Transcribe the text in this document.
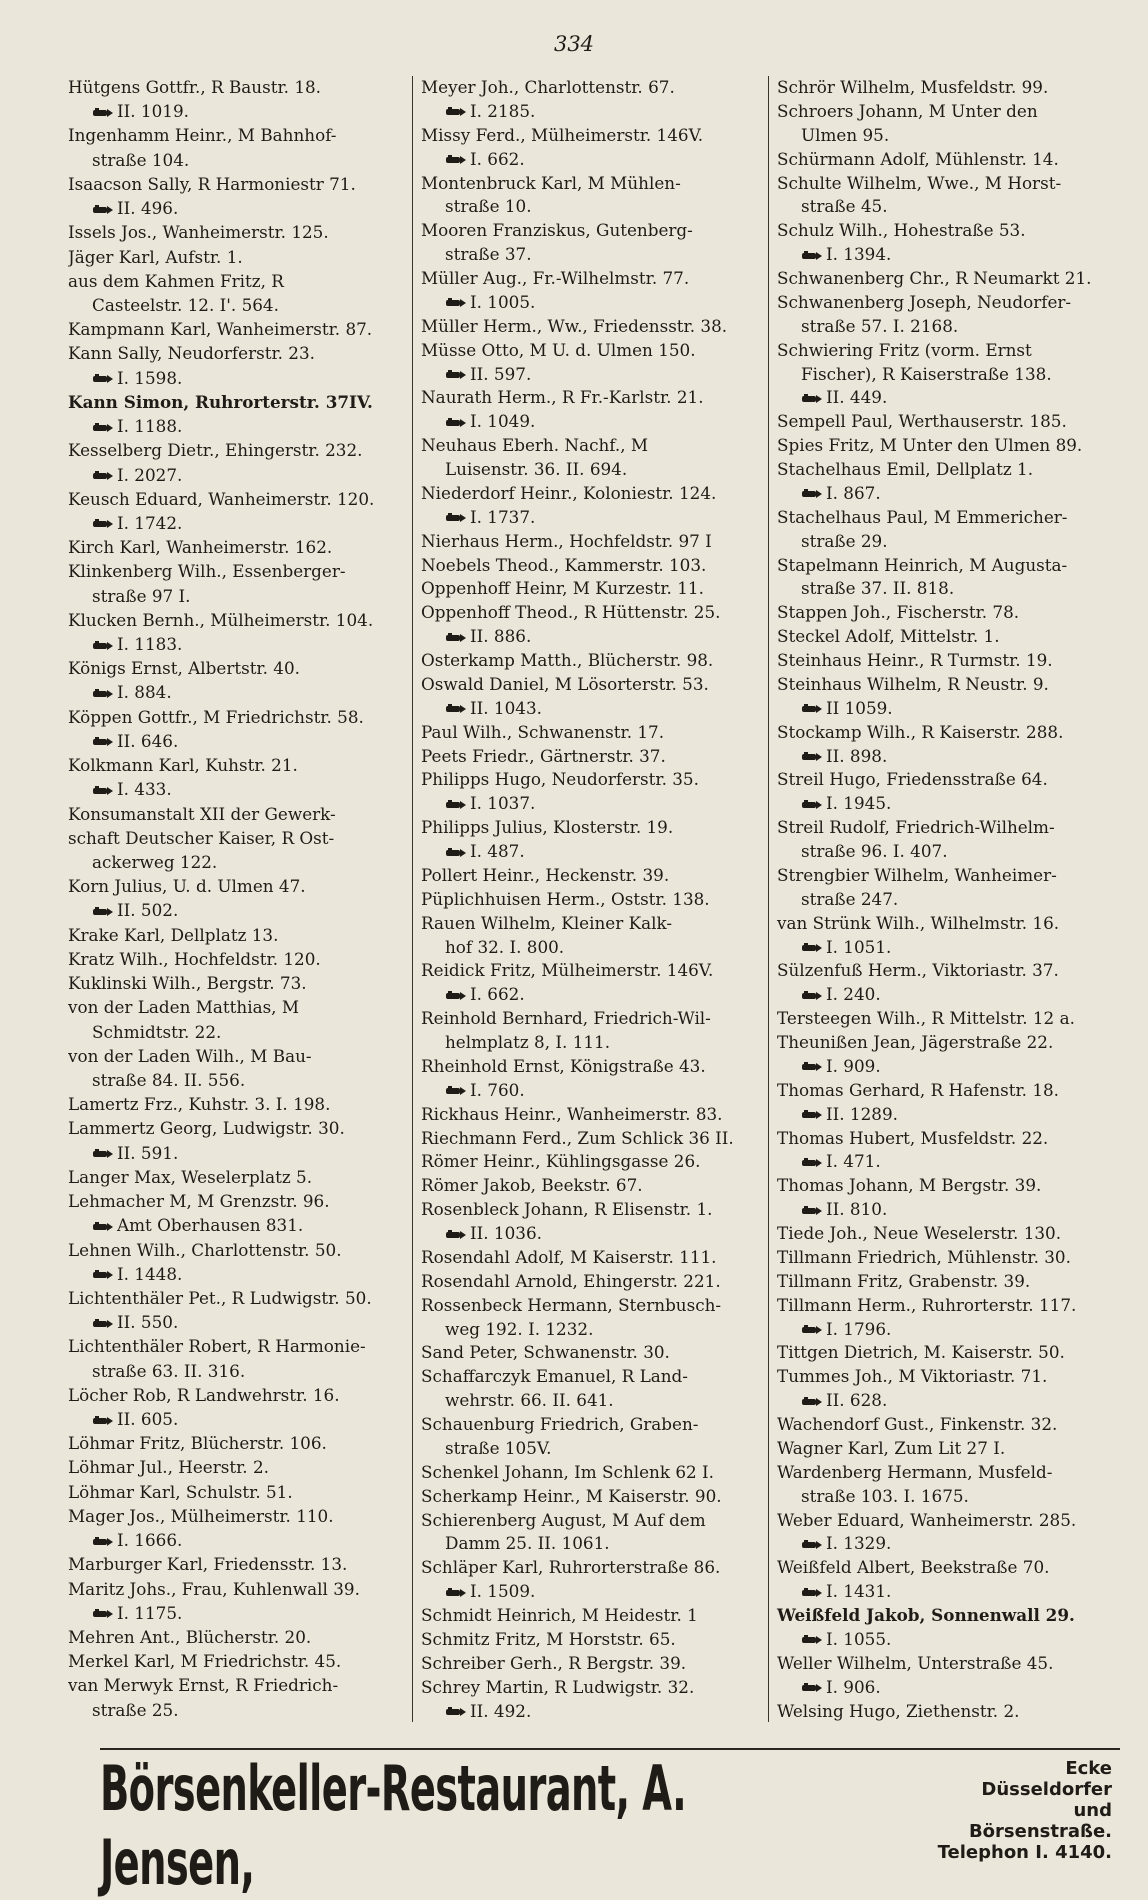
334
Hütgens Gottfr., R Baustr. 18.
II. 1019.
Ingenhamm Heinr., M Bahnhof-
straße 104.
Isaacson Sally, R Harmoniestr 71.
II. 496.
Issels Jos., Wanheimerstr. 125.
Jäger Karl, Aufstr. 1.
aus dem Kahmen Fritz, R
Casteelstr. 12. I'. 564.
Kampmann Karl, Wanheimerstr. 87.
Kann Sally, Neudorferstr. 23.
I. 1598.
Kann Simon, Ruhrorterstr. 37IV.
I. 1188.
Kesselberg Dietr., Ehingerstr. 232.
I. 2027.
Keusch Eduard, Wanheimerstr. 120.
I. 1742.
Kirch Karl, Wanheimerstr. 162.
Klinkenberg Wilh., Essenberger-
straße 97 I.
Klucken Bernh., Mülheimerstr. 104.
I. 1183.
Königs Ernst, Albertstr. 40.
I. 884.
Köppen Gottfr., M Friedrichstr. 58.
II. 646.
Kolkmann Karl, Kuhstr. 21.
I. 433.
Konsumanstalt XII der Gewerk-
schaft Deutscher Kaiser, R Ost-
ackerweg 122.
Korn Julius, U. d. Ulmen 47.
II. 502.
Krake Karl, Dellplatz 13.
Kratz Wilh., Hochfeldstr. 120.
Kuklinski Wilh., Bergstr. 73.
von der Laden Matthias, M
Schmidtstr. 22.
von der Laden Wilh., M Bau-
straße 84. II. 556.
Lamertz Frz., Kuhstr. 3. I. 198.
Lammertz Georg, Ludwigstr. 30.
II. 591.
Langer Max, Weselerplatz 5.
Lehmacher M, M Grenzstr. 96.
Amt Oberhausen 831.
Lehnen Wilh., Charlottenstr. 50.
I. 1448.
Lichtenthäler Pet., R Ludwigstr. 50.
II. 550.
Lichtenthäler Robert, R Harmonie-
straße 63. II. 316.
Löcher Rob, R Landwehrstr. 16.
II. 605.
Löhmar Fritz, Blücherstr. 106.
Löhmar Jul., Heerstr. 2.
Löhmar Karl, Schulstr. 51.
Mager Jos., Mülheimerstr. 110.
I. 1666.
Marburger Karl, Friedensstr. 13.
Maritz Johs., Frau, Kuhlenwall 39.
I. 1175.
Mehren Ant., Blücherstr. 20.
Merkel Karl, M Friedrichstr. 45.
van Merwyk Ernst, R Friedrich-
straße 25.
Meyer Joh., Charlottenstr. 67.
I. 2185.
Missy Ferd., Mülheimerstr. 146V.
I. 662.
Montenbruck Karl, M Mühlen-
straße 10.
Mooren Franziskus, Gutenberg-
straße 37.
Müller Aug., Fr.-Wilhelmstr. 77.
I. 1005.
Müller Herm., Ww., Friedensstr. 38.
Müsse Otto, M U. d. Ulmen 150.
II. 597.
Naurath Herm., R Fr.-Karlstr. 21.
I. 1049.
Neuhaus Eberh. Nachf., M
Luisenstr. 36. II. 694.
Niederdorf Heinr., Koloniestr. 124.
I. 1737.
Nierhaus Herm., Hochfeldstr. 97 I
Noebels Theod., Kammerstr. 103.
Oppenhoff Heinr, M Kurzestr. 11.
Oppenhoff Theod., R Hüttenstr. 25.
II. 886.
Osterkamp Matth., Blücherstr. 98.
Oswald Daniel, M Lösorterstr. 53.
II. 1043.
Paul Wilh., Schwanenstr. 17.
Peets Friedr., Gärtnerstr. 37.
Philipps Hugo, Neudorferstr. 35.
I. 1037.
Philipps Julius, Klosterstr. 19.
I. 487.
Pollert Heinr., Heckenstr. 39.
Püplichhuisen Herm., Oststr. 138.
Rauen Wilhelm, Kleiner Kalk-
hof 32. I. 800.
Reidick Fritz, Mülheimerstr. 146V.
I. 662.
Reinhold Bernhard, Friedrich-Wil-
helmplatz 8, I. 111.
Rheinhold Ernst, Königstraße 43.
I. 760.
Rickhaus Heinr., Wanheimerstr. 83.
Riechmann Ferd., Zum Schlick 36 II.
Römer Heinr., Kühlingsgasse 26.
Römer Jakob, Beekstr. 67.
Rosenbleck Johann, R Elisenstr. 1.
II. 1036.
Rosendahl Adolf, M Kaiserstr. 111.
Rosendahl Arnold, Ehingerstr. 221.
Rossenbeck Hermann, Sternbusch-
weg 192. I. 1232.
Sand Peter, Schwanenstr. 30.
Schaffarczyk Emanuel, R Land-
wehrstr. 66. II. 641.
Schauenburg Friedrich, Graben-
straße 105V.
Schenkel Johann, Im Schlenk 62 I.
Scherkamp Heinr., M Kaiserstr. 90.
Schierenberg August, M Auf dem
Damm 25. II. 1061.
Schläper Karl, Ruhrorterstraße 86.
I. 1509.
Schmidt Heinrich, M Heidestr. 1
Schmitz Fritz, M Horststr. 65.
Schreiber Gerh., R Bergstr. 39.
Schrey Martin, R Ludwigstr. 32.
II. 492.
Schrör Wilhelm, Musfeldstr. 99.
Schroers Johann, M Unter den
Ulmen 95.
Schürmann Adolf, Mühlenstr. 14.
Schulte Wilhelm, Wwe., M Horst-
straße 45.
Schulz Wilh., Hohestraße 53.
I. 1394.
Schwanenberg Chr., R Neumarkt 21.
Schwanenberg Joseph, Neudorfer-
straße 57. I. 2168.
Schwiering Fritz (vorm. Ernst
Fischer), R Kaiserstraße 138.
II. 449.
Sempell Paul, Werthauserstr. 185.
Spies Fritz, M Unter den Ulmen 89.
Stachelhaus Emil, Dellplatz 1.
I. 867.
Stachelhaus Paul, M Emmericher-
straße 29.
Stapelmann Heinrich, M Augusta-
straße 37. II. 818.
Stappen Joh., Fischerstr. 78.
Steckel Adolf, Mittelstr. 1.
Steinhaus Heinr., R Turmstr. 19.
Steinhaus Wilhelm, R Neustr. 9.
II 1059.
Stockamp Wilh., R Kaiserstr. 288.
II. 898.
Streil Hugo, Friedensstraße 64.
I. 1945.
Streil Rudolf, Friedrich-Wilhelm-
straße 96. I. 407.
Strengbier Wilhelm, Wanheimer-
straße 247.
van Strünk Wilh., Wilhelmstr. 16.
I. 1051.
Sülzenfuß Herm., Viktoriastr. 37.
I. 240.
Tersteegen Wilh., R Mittelstr. 12 a.
Theunißen Jean, Jägerstraße 22.
I. 909.
Thomas Gerhard, R Hafenstr. 18.
II. 1289.
Thomas Hubert, Musfeldstr. 22.
I. 471.
Thomas Johann, M Bergstr. 39.
II. 810.
Tiede Joh., Neue Weselerstr. 130.
Tillmann Friedrich, Mühlenstr. 30.
Tillmann Fritz, Grabenstr. 39.
Tillmann Herm., Ruhrorterstr. 117.
I. 1796.
Tittgen Dietrich, M. Kaiserstr. 50.
Tummes Joh., M Viktoriastr. 71.
II. 628.
Wachendorf Gust., Finkenstr. 32.
Wagner Karl, Zum Lit 27 I.
Wardenberg Hermann, Musfeld-
straße 103. I. 1675.
Weber Eduard, Wanheimerstr. 285.
I. 1329.
Weißfeld Albert, Beekstraße 70.
I. 1431.
Weißfeld Jakob, Sonnenwall 29.
I. 1055.
Weller Wilhelm, Unterstraße 45.
I. 906.
Welsing Hugo, Ziethenstr. 2.
Börsenkeller-Restaurant, A. Jensen,
Ecke Düsseldorfer
und Börsenstraße.
Telephon I. 4140.
